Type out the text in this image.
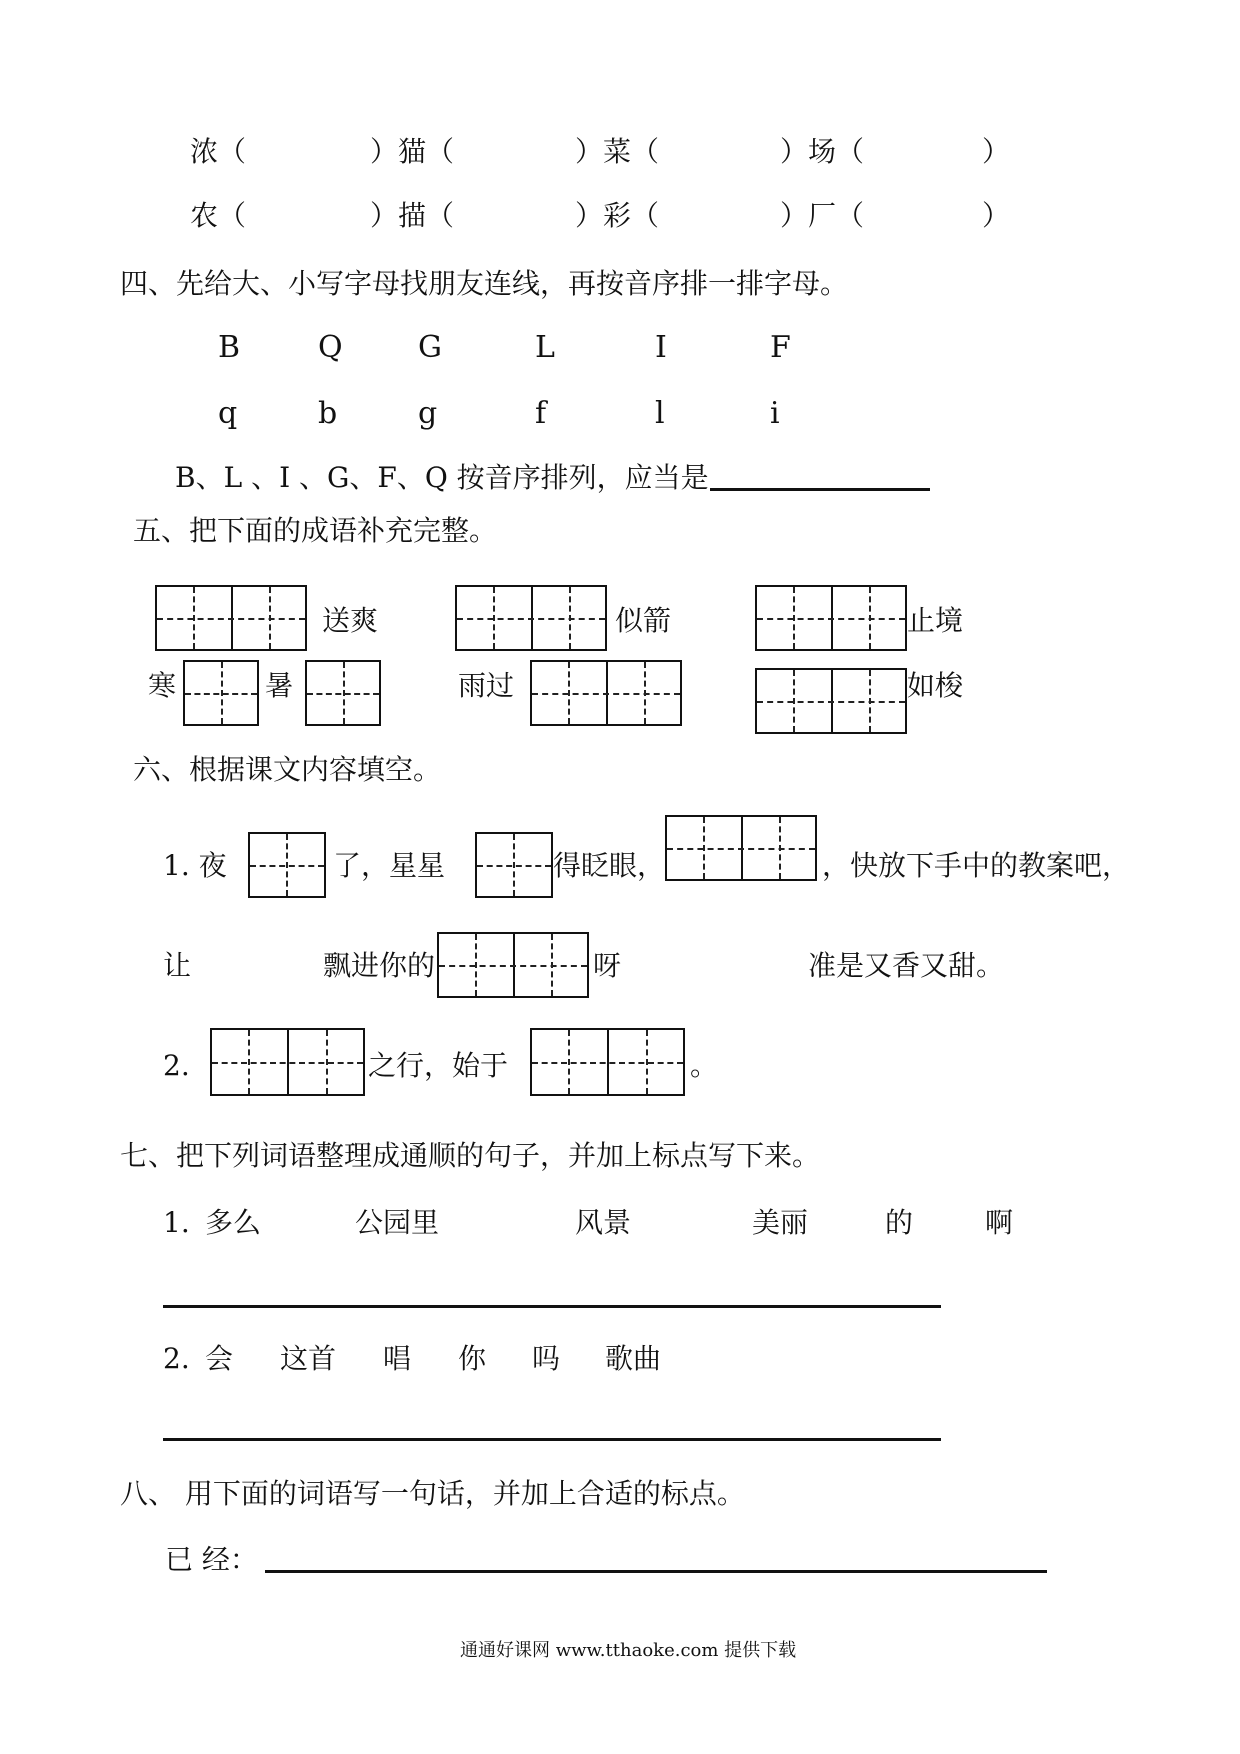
浓（	）猫（	）菜（	）场（	）
农（	）描（	）彩（	）厂（	）
四、先给大、小写字母找朋友连线，再按音序排一排字母。
B	Q	G	L	I	F
q	b	g	f	l	i
B、L 、I 、G、F、Q 按音序排列，应当是
五、把下面的成语补充完整。
送爽	似箭	止境
寒	暑	雨过	如梭
六、根据课文内容填空。
1. 夜	了，星星	得眨眼，	，快放下手中的教案吧，
让	飘进你的	呀	准是又香又甜。
2.	之行，始于	。
七、把下列词语整理成通顺的句子，并加上标点写下来。
1. 多么	公园里	风景	美丽	的	啊
2. 会 这首 唱 你 吗 歌曲
八、 用下面的词语写一句话，并加上合适的标点。
已 经：
通通好课网 www.tthaoke.com 提供下载
